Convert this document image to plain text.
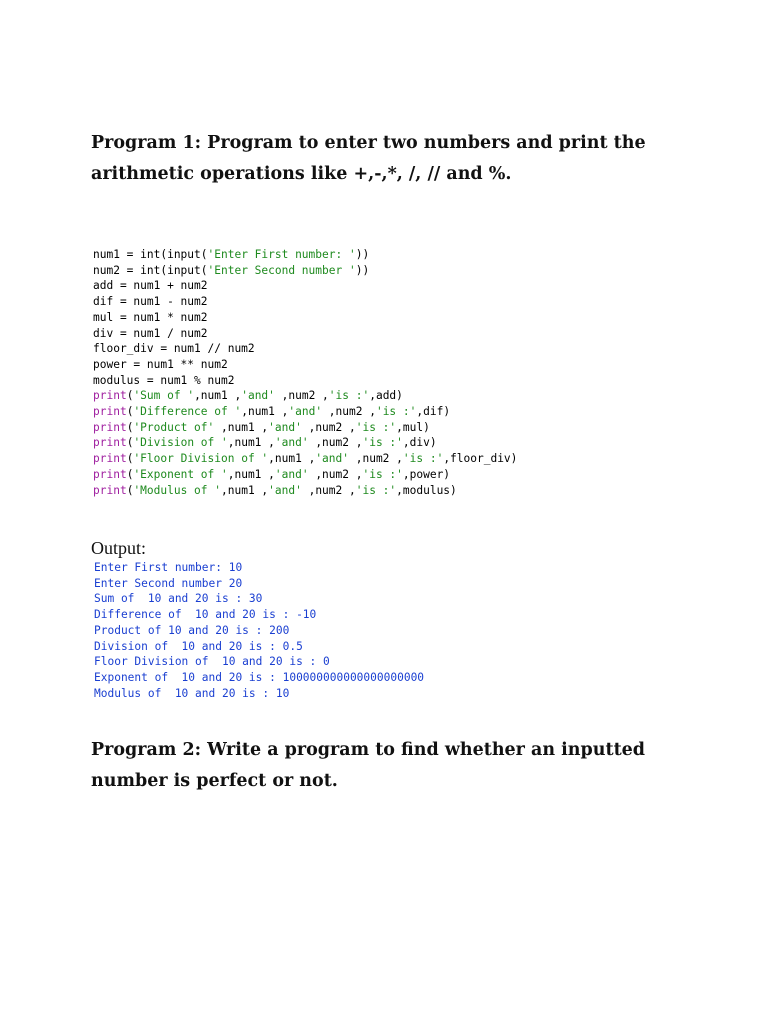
Program 1: Program to enter two numbers and print the
arithmetic operations like +,-,*, /, // and %.
num1 = int(input('Enter First number: '))
num2 = int(input('Enter Second number '))
add = num1 + num2
dif = num1 - num2
mul = num1 * num2
div = num1 / num2
floor_div = num1 // num2
power = num1 ** num2
modulus = num1 % num2
print('Sum of ',num1 ,'and' ,num2 ,'is :',add)
print('Difference of ',num1 ,'and' ,num2 ,'is :',dif)
print('Product of' ,num1 ,'and' ,num2 ,'is :',mul)
print('Division of ',num1 ,'and' ,num2 ,'is :',div)
print('Floor Division of ',num1 ,'and' ,num2 ,'is :',floor_div)
print('Exponent of ',num1 ,'and' ,num2 ,'is :',power)
print('Modulus of ',num1 ,'and' ,num2 ,'is :',modulus)
Output:
Enter First number: 10
Enter Second number 20
Sum of  10 and 20 is : 30
Difference of  10 and 20 is : -10
Product of 10 and 20 is : 200
Division of  10 and 20 is : 0.5
Floor Division of  10 and 20 is : 0
Exponent of  10 and 20 is : 100000000000000000000
Modulus of  10 and 20 is : 10
Program 2: Write a program to find whether an inputted
number is perfect or not.
